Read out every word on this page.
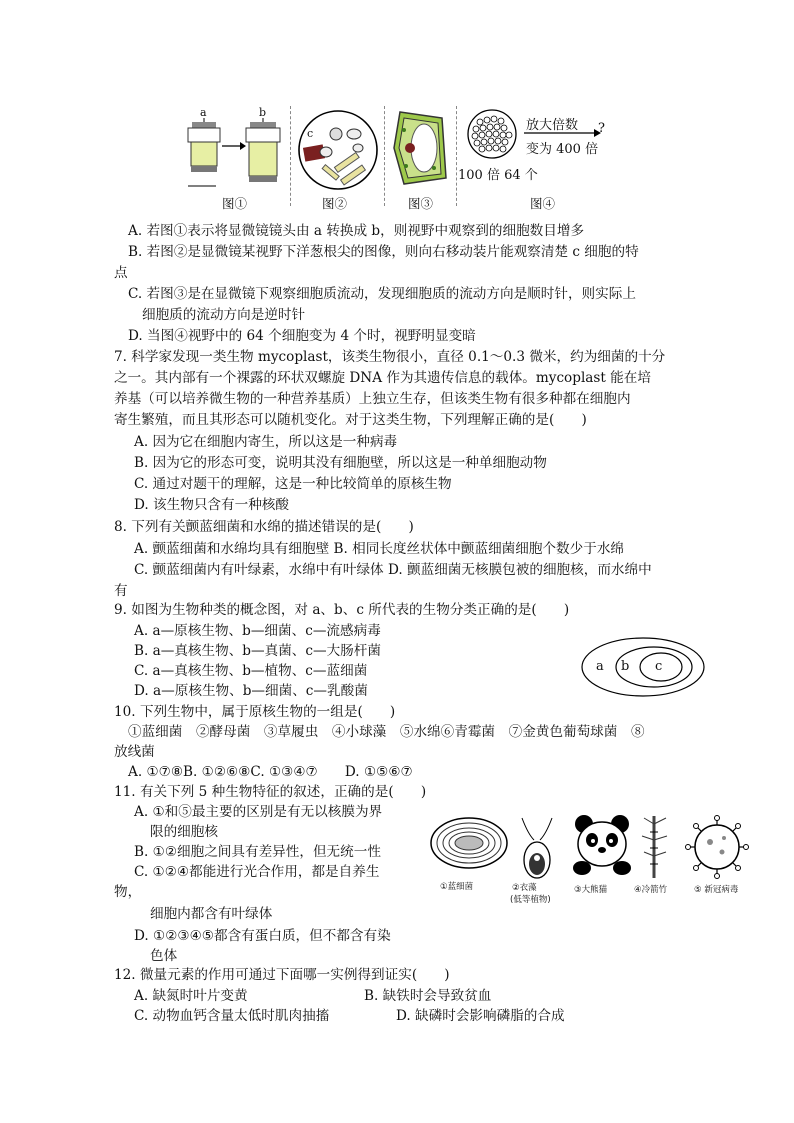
a	b
图①
c
图②	图③
放大倍数 ?
变为 400 倍
100 倍 64 个
图④
A. 若图①表示将显微镜镜头由 a 转换成 b，则视野中观察到的细胞数目增多
B. 若图②是显微镜某视野下洋葱根尖的图像，则向右移动装片能观察清楚 c 细胞的特
点
C. 若图③是在显微镜下观察细胞质流动，发现细胞质的流动方向是顺时针，则实际上
细胞质的流动方向是逆时针
D. 当图④视野中的 64 个细胞变为 4 个时，视野明显变暗
7. 科学家发现一类生物 mycoplast，该类生物很小，直径 0.1～0.3 微米，约为细菌的十分
之一。其内部有一个裸露的环状双螺旋 DNA 作为其遗传信息的载体。mycoplast 能在培
养基（可以培养微生物的一种营养基质）上独立生存，但该类生物有很多种都在细胞内
寄生繁殖，而且其形态可以随机变化。对于这类生物，下列理解正确的是(　　)
A. 因为它在细胞内寄生，所以这是一种病毒
B. 因为它的形态可变，说明其没有细胞壁，所以这是一种单细胞动物
C. 通过对题干的理解，这是一种比较简单的原核生物
D. 该生物只含有一种核酸
8. 下列有关颤蓝细菌和水绵的描述错误的是(　　)
A. 颤蓝细菌和水绵均具有细胞壁 B. 相同长度丝状体中颤蓝细菌细胞个数少于水绵
C. 颤蓝细菌内有叶绿素，水绵中有叶绿体 D. 颤蓝细菌无核膜包被的细胞核，而水绵中
有
9. 如图为生物种类的概念图，对 a、b、c 所代表的生物分类正确的是(　　)
A. a—原核生物、b—细菌、c—流感病毒
B. a—真核生物、b—真菌、c—大肠杆菌
C. a—真核生物、b—植物、c—蓝细菌
D. a—原核生物、b—细菌、c—乳酸菌
a b c
10. 下列生物中，属于原核生物的一组是(　　)
①蓝细菌　②酵母菌　③草履虫　④小球藻　⑤水绵⑥青霉菌　⑦金黄色葡萄球菌　⑧
放线菌
A. ①⑦⑧B. ①②⑥⑧C. ①③④⑦　　D. ①⑤⑥⑦
11. 有关下列 5 种生物特征的叙述，正确的是(　　)
A. ①和⑤最主要的区别是有无以核膜为界
限的细胞核
B. ①②细胞之间具有差异性，但无统一性
C. ①②④都能进行光合作用，都是自养生
物，
细胞内都含有叶绿体
D. ①②③④⑤都含有蛋白质，但不都含有染
色体
①蓝细菌	②衣藻
(低等植物)
③大熊猫	④冷箭竹	⑤ 新冠病毒
12. 微量元素的作用可通过下面哪一实例得到证实(　　)
A. 缺氮时叶片变黄	B. 缺铁时会导致贫血
C. 动物血钙含量太低时肌肉抽搐	D. 缺磷时会影响磷脂的合成
